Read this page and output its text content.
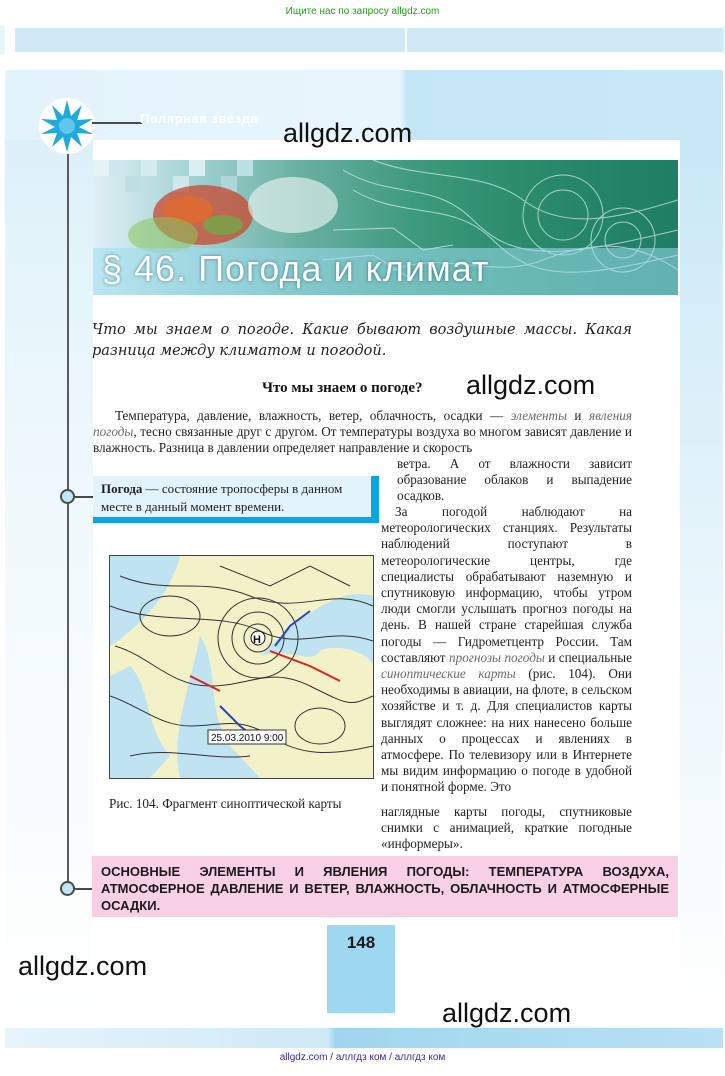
Ищите нас по запросу allgdz.com
Полярная звезда
§ 46. Погода и климат
Что мы знаем о погоде. Какие бывают воздушные массы. Какая разница между климатом и погодой.
Что мы знаем о погоде?
Температура, давление, влажность, ветер, облачность, осадки — элементы и явления погоды, тесно связанные друг с другом. От температуры воздуха во многом зависят давление и влажность. Разница в давлении определяет направление и скорость
ветра. А от влажности зависит образование облаков и выпадение осадков.
Погода — состояние тропосферы в данном месте в данный момент времени.	За погодой наблюдают на метеорологических станциях. Результаты наблюдений поступают в метеорологические центры, где специалисты обрабатывают наземную и спутниковую информацию, чтобы утром люди смогли услышать прогноз погоды на день. В нашей стране старейшая служба погоды — Гидрометцентр России. Там составляют прогнозы погоды и специальные синоптические карты (рис. 104). Они необходимы в авиации, на флоте, в сельском хозяйстве и т. д. Для специалистов карты выглядят сложнее: на них нанесено больше данных о процессах и явлениях в атмосфере. По телевизору или в Интернете мы видим информацию о погоде в удобной и понятной форме. Это
Н
25.03.2010 9:00
Рис. 104. Фрагмент синоптической карты
наглядные карты погоды, спутниковые снимки с анимацией, краткие погодные «информеры».
ОСНОВНЫЕ ЭЛЕМЕНТЫ И ЯВЛЕНИЯ ПОГОДЫ: ТЕМПЕРАТУРА ВОЗДУХА, АТМОСФЕРНОЕ ДАВЛЕНИЕ И ВЕТЕР, ВЛАЖНОСТЬ, ОБЛАЧНОСТЬ И АТМОСФЕРНЫЕ ОСАДКИ.
148
allgdz.com
allgdz.com
allgdz.com
allgdz.com
allgdz.com / аллгдз ком / аллгдз ком
